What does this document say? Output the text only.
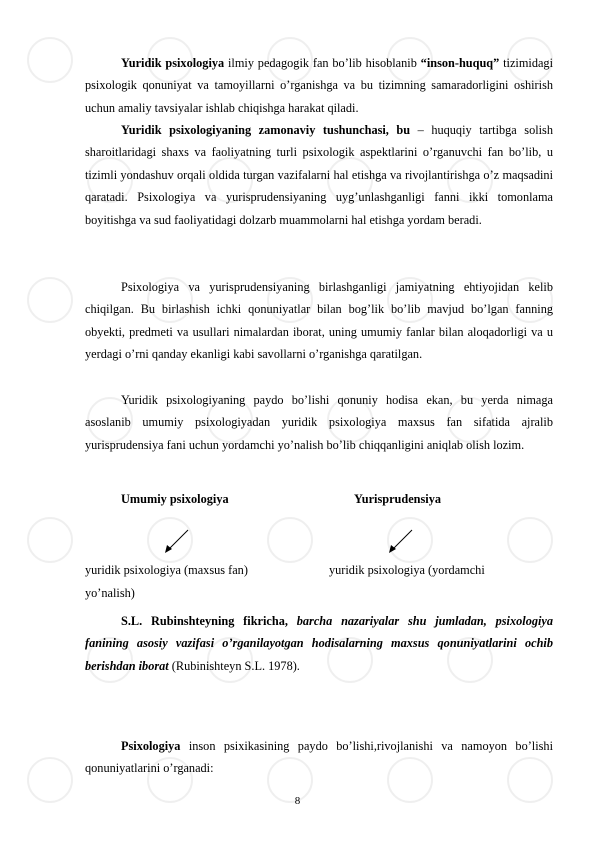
Yuridik psixologiya ilmiy pedagogik fan bo’lib hisoblanib “inson-huquq” tizimidagi psixologik qonuniyat va tamoyillarni o’rganishga va bu tizimning samaradorligini oshirish uchun amaliy tavsiyalar ishlab chiqishga harakat qiladi.

Yuridik psixologiyaning zamonaviy tushunchasi, bu – huquqiy tartibga solish sharoitlaridagi shaxs va faoliyatning turli psixologik aspektlarini o’rganuvchi fan bo’lib, u tizimli yondashuv orqali oldida turgan vazifalarni hal etishga va rivojlantirishga o’z maqsadini qaratadi. Psixologiya va yurisprudensiyaning uyg’unlashganligi fanni ikki tomonlama boyitishga va sud faoliyatidagi dolzarb muammolarni hal etishga yordam beradi.

Psixologiya va yurisprudensiyaning birlashganligi jamiyatning ehtiyojidan kelib chiqilgan. Bu birlashish ichki qonuniyatlar bilan bog’lik bo’lib mavjud bo’lgan fanning obyekti, predmeti va usullari nimalardan iborat, uning umumiy fanlar bilan aloqadorligi va u yerdagi o’rni qanday ekanligi kabi savollarni o’rganishga qaratilgan.

Yuridik psixologiyaning paydo bo’lishi qonuniy hodisa ekan, bu yerda nimaga asoslanib umumiy psixologiyadan yuridik psixologiya maxsus fan sifatida ajralib yurisprudensiya fani uchun yordamchi yo’nalish bo’lib chiqqanligini aniqlab olish lozim.

Umumiy psixologiya	Yurisprudensiya
yuridik psixologiya (maxsus fan)	yuridik psixologiya (yordamchi
yo’nalish)

S.L. Rubinshteyning fikricha, barcha nazariyalar shu jumladan, psixologiya fanining asosiy vazifasi o’rganilayotgan hodisalarning maxsus qonuniyatlarini ochib berishdan iborat (Rubinishteyn S.L. 1978).

Psixologiya inson psixikasining paydo bo’lishi,rivojlanishi va namoyon bo’lishi qonuniyatlarini o’rganadi:

8
